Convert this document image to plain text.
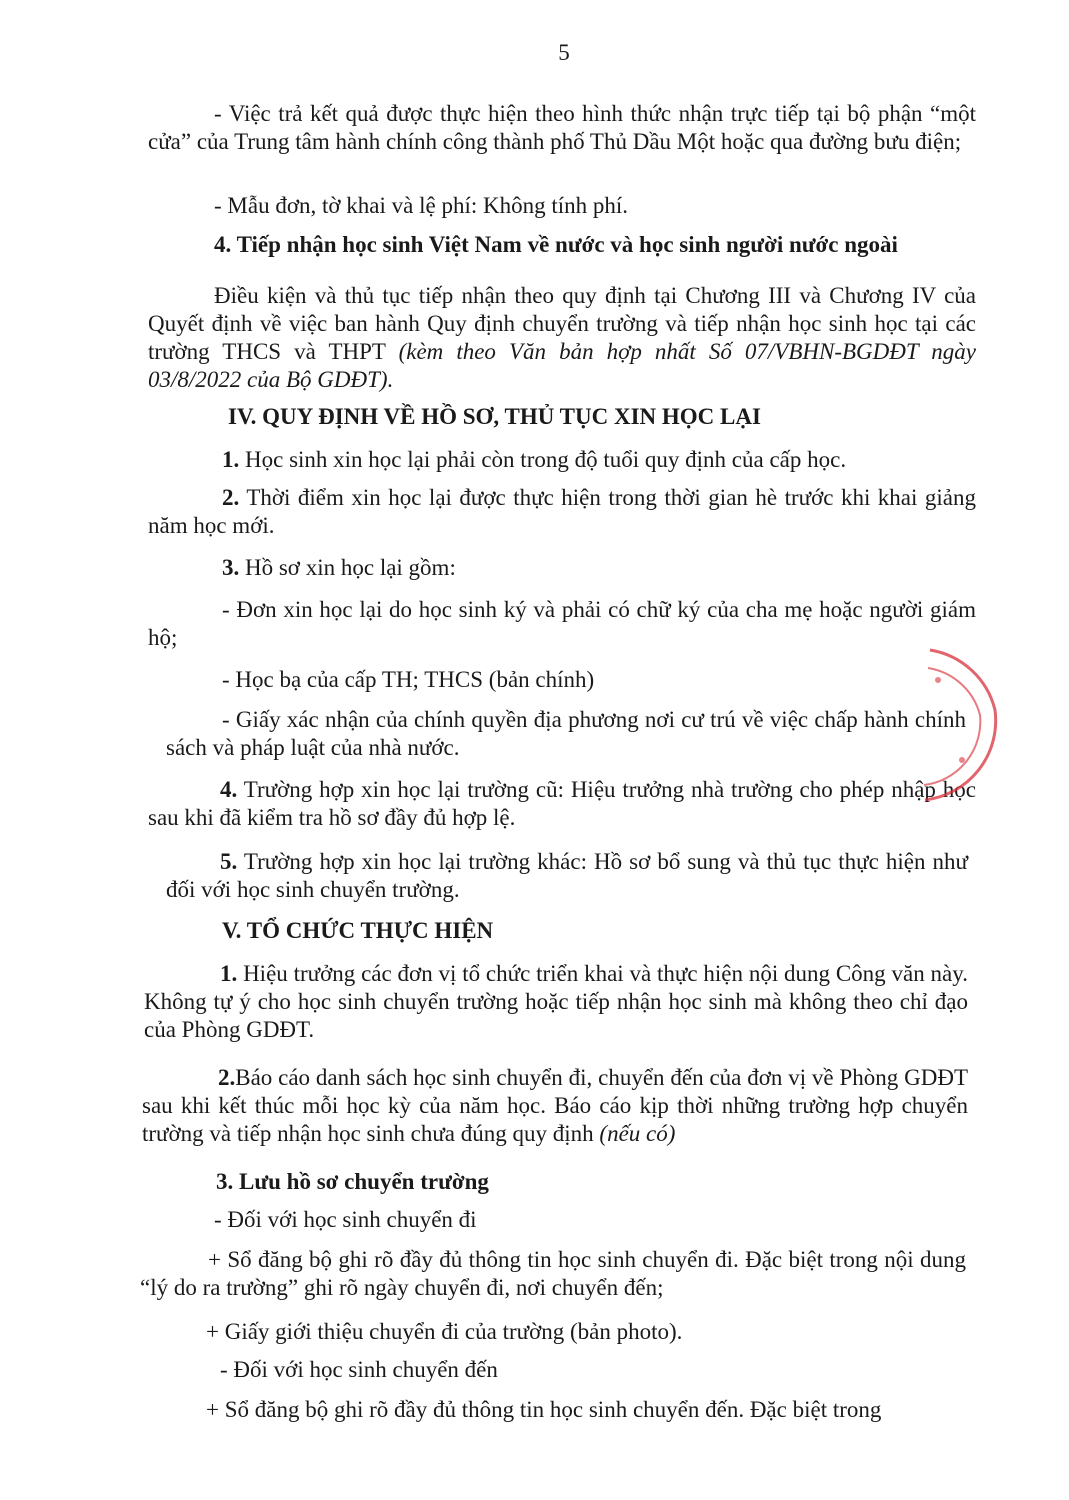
5
- Việc trả kết quả được thực hiện theo hình thức nhận trực tiếp tại bộ phận “một cửa” của Trung tâm hành chính công thành phố Thủ Dầu Một hoặc qua đường bưu điện;
- Mẫu đơn, tờ khai và lệ phí: Không tính phí.
4. Tiếp nhận học sinh Việt Nam về nước và học sinh người nước ngoài
Điều kiện và thủ tục tiếp nhận theo quy định tại Chương III và Chương IV của Quyết định về việc ban hành Quy định chuyển trường và tiếp nhận học sinh học tại các trường THCS và THPT (kèm theo Văn bản hợp nhất Số 07/VBHN-BGDĐT ngày 03/8/2022 của Bộ GDĐT).
IV. QUY ĐỊNH VỀ HỒ SƠ, THỦ TỤC XIN HỌC LẠI
1. Học sinh xin học lại phải còn trong độ tuổi quy định của cấp học.
2. Thời điểm xin học lại được thực hiện trong thời gian hè trước khi khai giảng năm học mới.
3. Hồ sơ xin học lại gồm:
- Đơn xin học lại do học sinh ký và phải có chữ ký của cha mẹ hoặc người giám hộ;
- Học bạ của cấp TH; THCS (bản chính)
- Giấy xác nhận của chính quyền địa phương nơi cư trú về việc chấp hành chính sách và pháp luật của nhà nước.
4. Trường hợp xin học lại trường cũ: Hiệu trưởng nhà trường cho phép nhập học sau khi đã kiểm tra hồ sơ đầy đủ hợp lệ.
5. Trường hợp xin học lại trường khác: Hồ sơ bổ sung và thủ tục thực hiện như đối với học sinh chuyển trường.
V. TỔ CHỨC THỰC HIỆN
1. Hiệu trưởng các đơn vị tổ chức triển khai và thực hiện nội dung Công văn này. Không tự ý cho học sinh chuyển trường hoặc tiếp nhận học sinh mà không theo chỉ đạo của Phòng GDĐT.
2.Báo cáo danh sách học sinh chuyển đi, chuyển đến của đơn vị về Phòng GDĐT sau khi kết thúc mỗi học kỳ của năm học. Báo cáo kịp thời những trường hợp chuyển trường và tiếp nhận học sinh chưa đúng quy định (nếu có)
3. Lưu hồ sơ chuyển trường
- Đối với học sinh chuyển đi
+ Sổ đăng bộ ghi rõ đầy đủ thông tin học sinh chuyển đi. Đặc biệt trong nội dung “lý do ra trường” ghi rõ ngày chuyển đi, nơi chuyển đến;
+ Giấy giới thiệu chuyển đi của trường (bản photo).
- Đối với học sinh chuyển đến
+ Sổ đăng bộ ghi rõ đầy đủ thông tin học sinh chuyển đến. Đặc biệt trong
